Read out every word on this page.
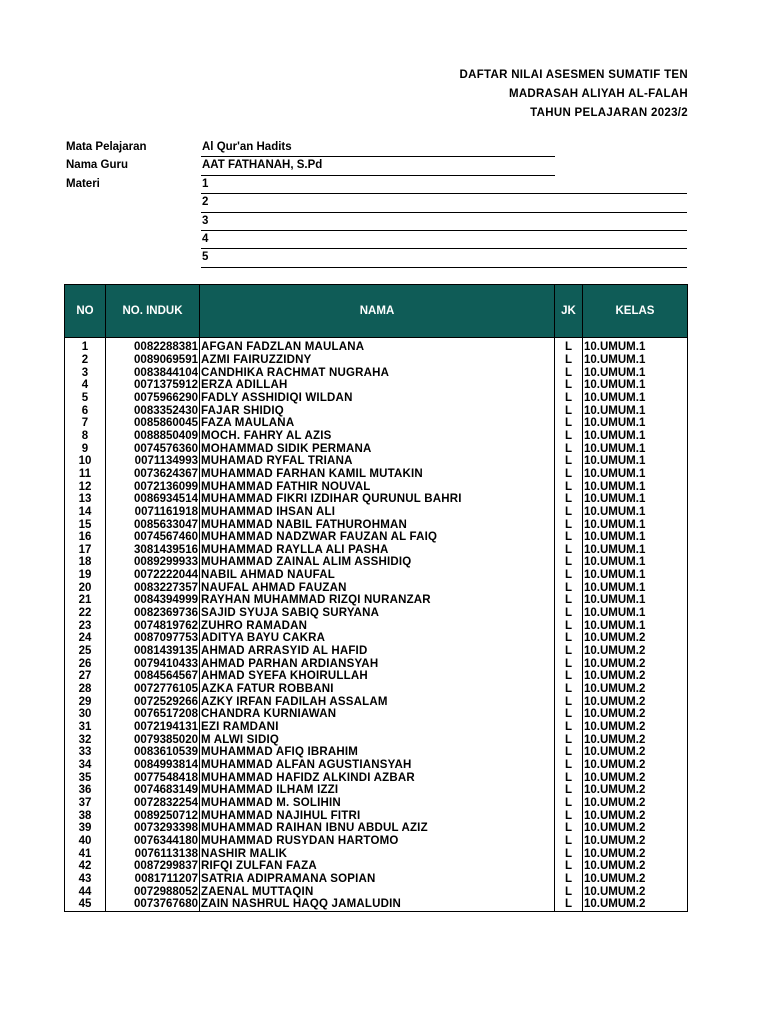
DAFTAR NILAI ASESMEN SUMATIF TEN
MADRASAH ALIYAH AL-FALAH
TAHUN PELAJARAN 2023/2
Mata Pelajaran	Al Qur'an Hadits
Nama Guru	AAT FATHANAH, S.Pd
Materi	1
2
3
4
5
NO	NO. INDUK	NAMA	JK	KELAS

1	0082288381	AFGAN FADZLAN MAULANA	L	10.UMUM.1
2	0089069591	AZMI FAIRUZZIDNY	L	10.UMUM.1
3	0083844104	CANDHIKA RACHMAT NUGRAHA	L	10.UMUM.1
4	0071375912	ERZA ADILLAH	L	10.UMUM.1
5	0075966290	FADLY ASSHIDIQI WILDAN	L	10.UMUM.1
6	0083352430	FAJAR SHIDIQ	L	10.UMUM.1
7	0085860045	FAZA MAULANA	L	10.UMUM.1
8	0088850409	MOCH. FAHRY AL AZIS	L	10.UMUM.1
9	0074576360	MOHAMMAD SIDIK PERMANA	L	10.UMUM.1
10	0071134993	MUHAMAD RYFAL TRIANA	L	10.UMUM.1
11	0073624367	MUHAMMAD FARHAN KAMIL MUTAKIN	L	10.UMUM.1
12	0072136099	MUHAMMAD FATHIR NOUVAL	L	10.UMUM.1
13	0086934514	MUHAMMAD FIKRI IZDIHAR QURUNUL BAHRI	L	10.UMUM.1
14	0071161918	MUHAMMAD IHSAN ALI	L	10.UMUM.1
15	0085633047	MUHAMMAD NABIL FATHUROHMAN	L	10.UMUM.1
16	0074567460	MUHAMMAD NADZWAR FAUZAN AL FAIQ	L	10.UMUM.1
17	3081439516	MUHAMMAD RAYLLA ALI PASHA	L	10.UMUM.1
18	0089299933	MUHAMMAD ZAINAL ALIM ASSHIDIQ	L	10.UMUM.1
19	0072222044	NABIL AHMAD NAUFAL	L	10.UMUM.1
20	0083227357	NAUFAL AHMAD FAUZAN	L	10.UMUM.1
21	0084394999	RAYHAN MUHAMMAD RIZQI NURANZAR	L	10.UMUM.1
22	0082369736	SAJID SYUJA SABIQ SURYANA	L	10.UMUM.1
23	0074819762	ZUHRO RAMADAN	L	10.UMUM.1
24	0087097753	ADITYA BAYU CAKRA	L	10.UMUM.2
25	0081439135	AHMAD ARRASYID AL HAFID	L	10.UMUM.2
26	0079410433	AHMAD PARHAN ARDIANSYAH	L	10.UMUM.2
27	0084564567	AHMAD SYEFA KHOIRULLAH	L	10.UMUM.2
28	0072776105	AZKA FATUR ROBBANI	L	10.UMUM.2
29	0072529266	AZKY IRFAN FADILAH ASSALAM	L	10.UMUM.2
30	0076517208	CHANDRA KURNIAWAN	L	10.UMUM.2
31	0072194131	EZI RAMDANI	L	10.UMUM.2
32	0079385020	M ALWI SIDIQ	L	10.UMUM.2
33	0083610539	MUHAMMAD AFIQ IBRAHIM	L	10.UMUM.2
34	0084993814	MUHAMMAD ALFAN AGUSTIANSYAH	L	10.UMUM.2
35	0077548418	MUHAMMAD HAFIDZ ALKINDI AZBAR	L	10.UMUM.2
36	0074683149	MUHAMMAD ILHAM IZZI	L	10.UMUM.2
37	0072832254	MUHAMMAD M. SOLIHIN	L	10.UMUM.2
38	0089250712	MUHAMMAD NAJIHUL FITRI	L	10.UMUM.2
39	0073293398	MUHAMMAD RAIHAN IBNU ABDUL AZIZ	L	10.UMUM.2
40	0076344180	MUHAMMAD RUSYDAN HARTOMO	L	10.UMUM.2
41	0076113138	NASHIR MALIK	L	10.UMUM.2
42	0087299837	RIFQI ZULFAN FAZA	L	10.UMUM.2
43	0081711207	SATRIA ADIPRAMANA SOPIAN	L	10.UMUM.2
44	0072988052	ZAENAL MUTTAQIN	L	10.UMUM.2
45	0073767680	ZAIN NASHRUL HAQQ JAMALUDIN	L	10.UMUM.2
